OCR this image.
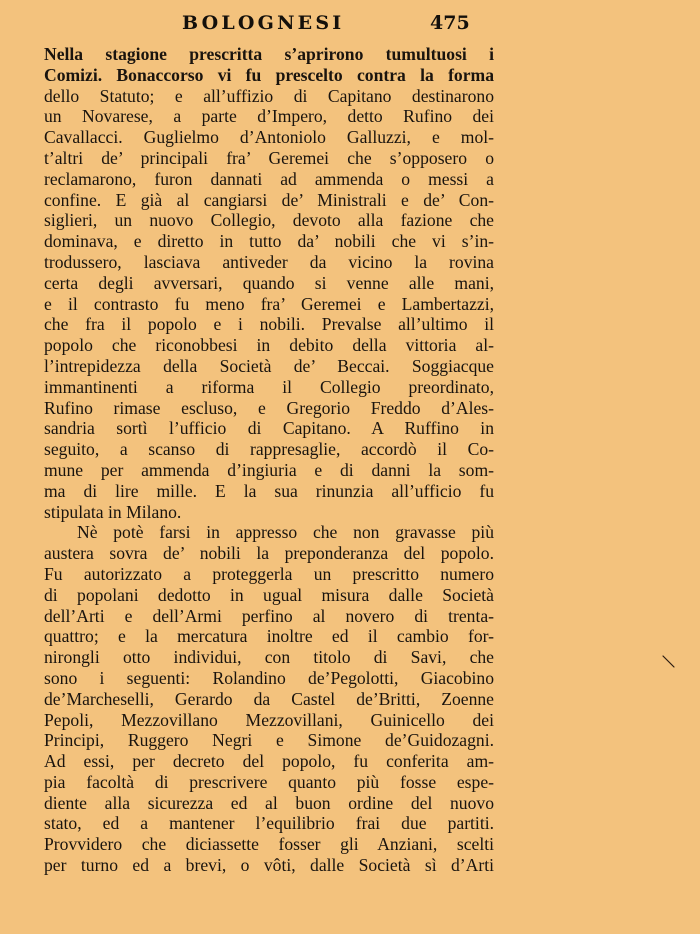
BOLOGNESI	475
Nella stagione prescritta s’aprirono tumultuosi i
Comizi. Bonaccorso vi fu prescelto contra la forma
dello Statuto; e all’uffizio di Capitano destinarono
un Novarese, a parte d’Impero, detto Rufino dei
Cavallacci. Guglielmo d’Antoniolo Galluzzi, e mol-
t’altri de’ principali fra’ Geremei che s’opposero o
reclamarono, furon dannati ad ammenda o messi a
confine. E già al cangiarsi de’ Ministrali e de’ Con-
siglieri, un nuovo Collegio, devoto alla fazione che
dominava, e diretto in tutto da’ nobili che vi s’in-
trodussero, lasciava antiveder da vicino la rovina
certa degli avversari, quando si venne alle mani,
e il contrasto fu meno fra’ Geremei e Lambertazzi,
che fra il popolo e i nobili. Prevalse all’ultimo il
popolo che riconobbesi in debito della vittoria al-
l’intrepidezza della Società de’ Beccai. Soggiacque
immantinenti a riforma il Collegio preordinato,
Rufino rimase escluso, e Gregorio Freddo d’Ales-
sandria sortì l’ufficio di Capitano. A Ruffino in
seguito, a scanso di rappresaglie, accordò il Co-
mune per ammenda d’ingiuria e di danni la som-
ma di lire mille. E la sua rinunzia all’ufficio fu
stipulata in Milano.
Nè potè farsi in appresso che non gravasse più
austera sovra de’ nobili la preponderanza del popolo.
Fu autorizzato a proteggerla un prescritto numero
di popolani dedotto in ugual misura dalle Società
dell’Arti e dell’Armi perfino al novero di trenta-
quattro; e la mercatura inoltre ed il cambio for-
nirongli otto individui, con titolo di Savi, che
sono i seguenti: Rolandino de’Pegolotti, Giacobino
de’Marcheselli, Gerardo da Castel de’Britti, Zoenne
Pepoli, Mezzovillano Mezzovillani, Guinicello dei
Principi, Ruggero Negri e Simone de’Guidozagni.
Ad essi, per decreto del popolo, fu conferita am-
pia facoltà di prescrivere quanto più fosse espe-
diente alla sicurezza ed al buon ordine del nuovo
stato, ed a mantener l’equilibrio frai due partiti.
Provvidero che diciassette fosser gli Anziani, scelti
per turno ed a brevi, o vôti, dalle Società sì d’Arti
